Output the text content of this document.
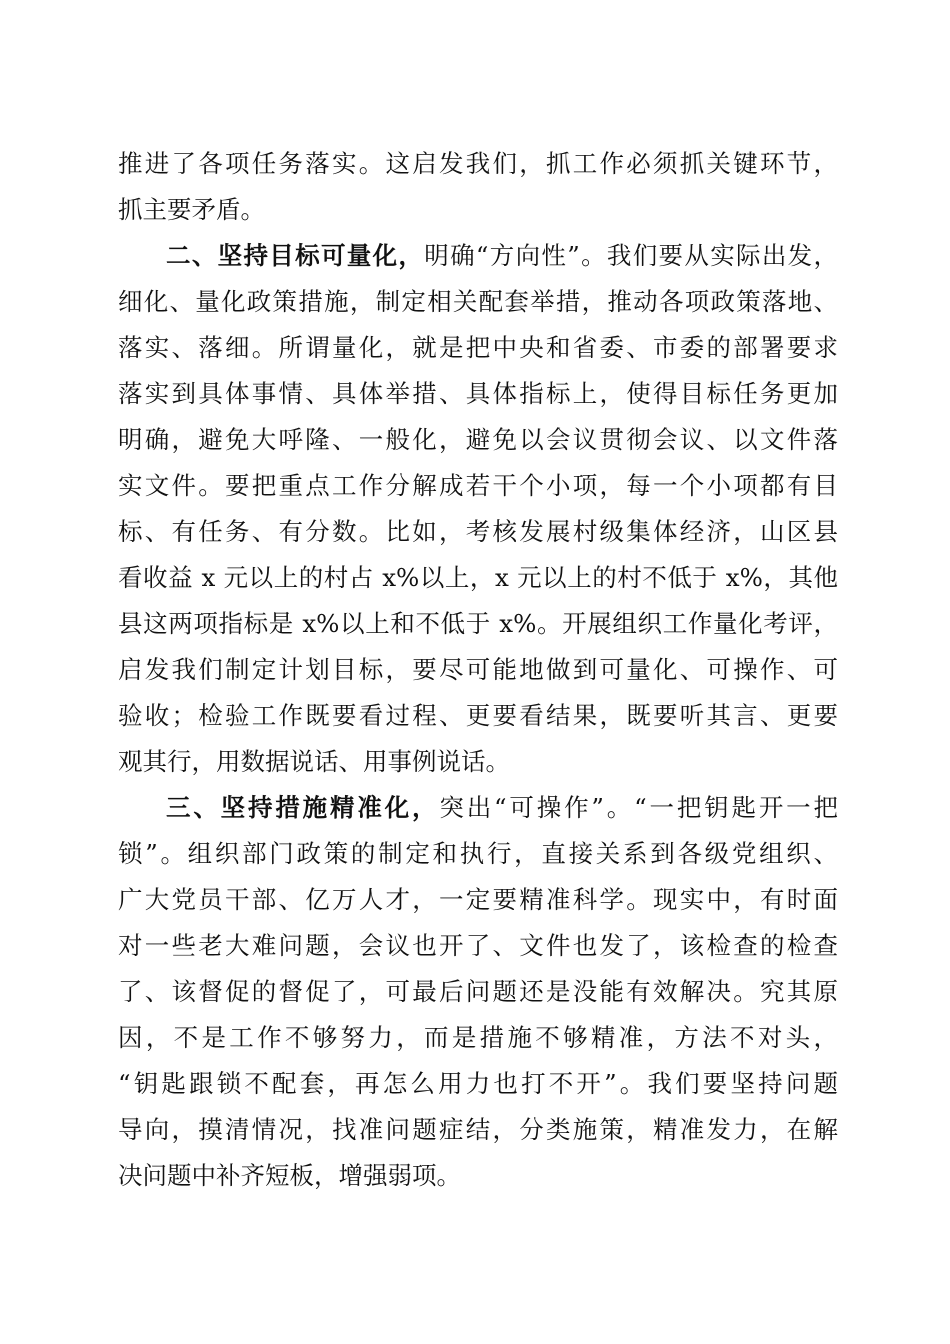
推进了各项任务落实。这启发我们，抓工作必须抓关键环节，
抓主要矛盾。
二、坚持目标可量化，明确“方向性”。我们要从实际出发，
细化、量化政策措施，制定相关配套举措，推动各项政策落地、
落实、落细。所谓量化，就是把中央和省委、市委的部署要求
落实到具体事情、具体举措、具体指标上，使得目标任务更加
明确，避免大呼隆、一般化，避免以会议贯彻会议、以文件落
实文件。要把重点工作分解成若干个小项，每一个小项都有目
标、有任务、有分数。比如，考核发展村级集体经济，山区县
看收益 x 元以上的村占 x%以上，x 元以上的村不低于 x%，其他
县这两项指标是 x%以上和不低于 x%。开展组织工作量化考评，
启发我们制定计划目标，要尽可能地做到可量化、可操作、可
验收；检验工作既要看过程、更要看结果，既要听其言、更要
观其行，用数据说话、用事例说话。
三、坚持措施精准化，突出“可操作”。“一把钥匙开一把
锁”。组织部门政策的制定和执行，直接关系到各级党组织、
广大党员干部、亿万人才，一定要精准科学。现实中，有时面
对一些老大难问题，会议也开了、文件也发了，该检查的检查
了、该督促的督促了，可最后问题还是没能有效解决。究其原
因，不是工作不够努力，而是措施不够精准，方法不对头，
“钥匙跟锁不配套，再怎么用力也打不开”。我们要坚持问题
导向，摸清情况，找准问题症结，分类施策，精准发力，在解
决问题中补齐短板，增强弱项。
